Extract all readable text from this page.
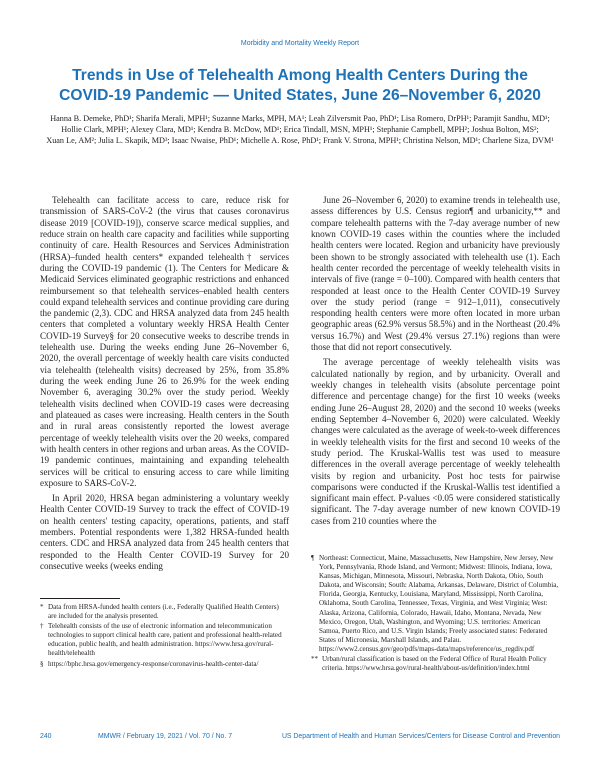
Morbidity and Mortality Weekly Report
Trends in Use of Telehealth Among Health Centers During the
COVID-19 Pandemic — United States, June 26–November 6, 2020
Hanna B. Demeke, PhD¹; Sharifa Merali, MPH¹; Suzanne Marks, MPH, MA¹; Leah Zilversmit Pao, PhD¹; Lisa Romero, DrPH¹; Paramjit Sandhu, MD¹;
Hollie Clark, MPH¹; Alexey Clara, MD¹; Kendra B. McDow, MD¹; Erica Tindall, MSN, MPH¹; Stephanie Campbell, MPH²; Joshua Bolton, MS²;
Xuan Le, AM²; Julia L. Skapik, MD³; Isaac Nwaise, PhD¹; Michelle A. Rose, PhD¹; Frank V. Strona, MPH¹; Christina Nelson, MD¹; Charlene Siza, DVM¹

Telehealth can facilitate access to care, reduce risk for transmission of SARS-CoV-2 (the virus that causes coronavirus disease 2019 [COVID-19]), conserve scarce medical supplies, and reduce strain on health care capacity and facilities while supporting continuity of care. Health Resources and Services Administration (HRSA)–funded health centers* expanded telehealth† services during the COVID-19 pandemic (1). The Centers for Medicare & Medicaid Services eliminated geographic restrictions and enhanced reimbursement so that telehealth services–enabled health centers could expand telehealth services and continue providing care during the pandemic (2,3). CDC and HRSA analyzed data from 245 health centers that completed a voluntary weekly HRSA Health Center COVID-19 Survey§ for 20 consecutive weeks to describe trends in telehealth use. During the weeks ending June 26–November 6, 2020, the overall percentage of weekly health care visits conducted via telehealth (telehealth visits) decreased by 25%, from 35.8% during the week ending June 26 to 26.9% for the week ending November 6, averaging 30.2% over the study period. Weekly telehealth visits declined when COVID-19 cases were decreasing and plateaued as cases were increasing. Health centers in the South and in rural areas consistently reported the lowest average percentage of weekly telehealth visits over the 20 weeks, compared with health centers in other regions and urban areas. As the COVID-19 pandemic continues, maintaining and expanding telehealth services will be critical to ensuring access to care while limiting exposure to SARS-CoV-2.

In April 2020, HRSA began administering a voluntary weekly Health Center COVID-19 Survey to track the effect of COVID-19 on health centers' testing capacity, operations, patients, and staff members. Potential respondents were 1,382 HRSA-funded health centers. CDC and HRSA analyzed data from 245 health centers that responded to the Health Center COVID-19 Survey for 20 consecutive weeks (weeks ending

June 26–November 6, 2020) to examine trends in telehealth use, assess differences by U.S. Census region¶ and urbanicity,** and compare telehealth patterns with the 7-day average number of new known COVID-19 cases within the counties where the included health centers were located. Region and urbanicity have previously been shown to be strongly associated with telehealth use (1). Each health center recorded the percentage of weekly telehealth visits in intervals of five (range = 0–100). Compared with health centers that responded at least once to the Health Center COVID-19 Survey over the study period (range = 912–1,011), consecutively responding health centers were more often located in more urban geographic areas (62.9% versus 58.5%) and in the Northeast (20.4% versus 16.7%) and West (29.4% versus 27.1%) regions than were those that did not report consecutively.

The average percentage of weekly telehealth visits was calculated nationally by region, and by urbanicity. Overall and weekly changes in telehealth visits (absolute percentage point difference and percentage change) for the first 10 weeks (weeks ending June 26–August 28, 2020) and the second 10 weeks (weeks ending September 4–November 6, 2020) were calculated. Weekly changes were calculated as the average of week-to-week differences in weekly telehealth visits for the first and second 10 weeks of the study period. The Kruskal-Wallis test was used to measure differences in the overall average percentage of weekly telehealth visits by region and urbanicity. Post hoc tests for pairwise comparisons were conducted if the Kruskal-Wallis test identified a significant main effect. P-values <0.05 were considered statistically significant. The 7-day average number of new known COVID-19 cases from 210 counties where the

* Data from HRSA-funded health centers (i.e., Federally Qualified Health Centers) are included for the analysis presented.
† Telehealth consists of the use of electronic information and telecommunication technologies to support clinical health care, patient and professional health-related education, public health, and health administration. https://www.hrsa.gov/rural-health/telehealth
§ https://bphc.hrsa.gov/emergency-response/coronavirus-health-center-data/
¶ Northeast: Connecticut, Maine, Massachusetts, New Hampshire, New Jersey, New York, Pennsylvania, Rhode Island, and Vermont; Midwest: Illinois, Indiana, Iowa, Kansas, Michigan, Minnesota, Missouri, Nebraska, North Dakota, Ohio, South Dakota, and Wisconsin; South: Alabama, Arkansas, Delaware, District of Columbia, Florida, Georgia, Kentucky, Louisiana, Maryland, Mississippi, North Carolina, Oklahoma, South Carolina, Tennessee, Texas, Virginia, and West Virginia; West: Alaska, Arizona, California, Colorado, Hawaii, Idaho, Montana, Nevada, New Mexico, Oregon, Utah, Washington, and Wyoming; U.S. territories: American Samoa, Puerto Rico, and U.S. Virgin Islands; Freely associated states: Federated States of Micronesia, Marshall Islands, and Palau. https://www2.census.gov/geo/pdfs/maps-data/maps/reference/us_regdiv.pdf
** Urban/rural classification is based on the Federal Office of Rural Health Policy criteria. https://www.hrsa.gov/rural-health/about-us/definition/index.html
240	MMWR / February 19, 2021 / Vol. 70 / No. 7	US Department of Health and Human Services/Centers for Disease Control and Prevention
